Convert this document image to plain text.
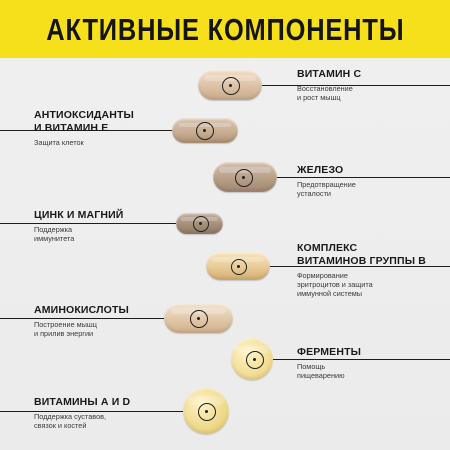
АКТИВНЫЕ КОМПОНЕНТЫ
ВИТАМИН C
Восстановление
и рост мышц
АНТИОКСИДАНТЫ
И ВИТАМИН E
Защита клеток
ЖЕЛЕЗО
Предотвращение
усталости
ЦИНК И МАГНИЙ
Поддержка
иммунитета
КОМПЛЕКС
ВИТАМИНОВ ГРУППЫ B
Формирование
эритроцитов и защита
иммунной системы
АМИНОКИСЛОТЫ
Построение мышц
и прилив энергии
ФЕРМЕНТЫ
Помощь
пищеварению
ВИТАМИНЫ А И D
Поддержка суставов,
связок и костей
